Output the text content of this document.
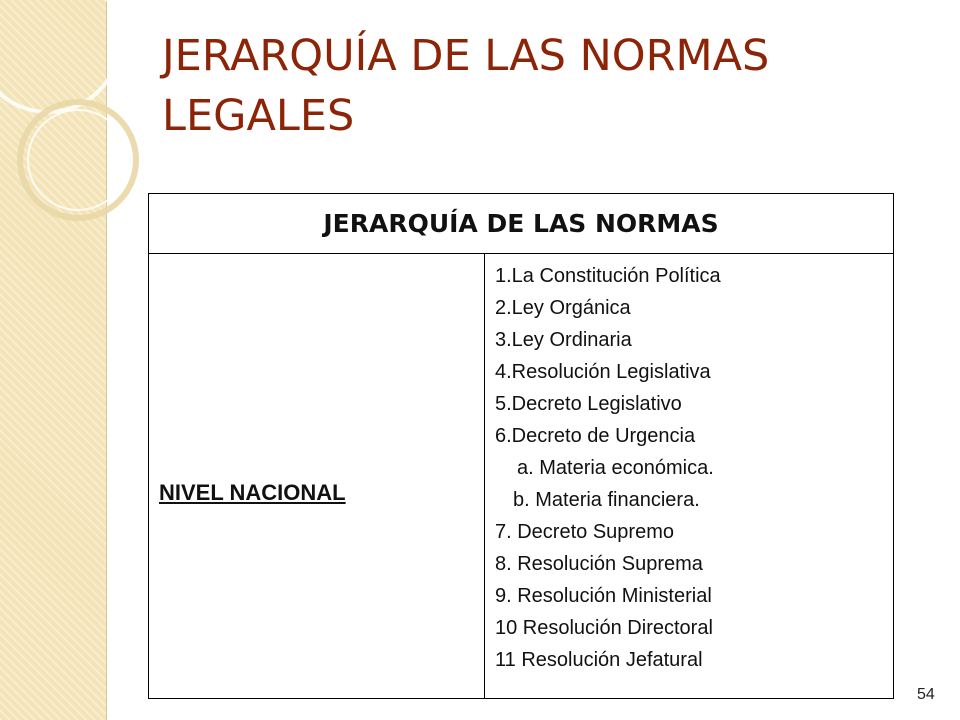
JERARQUÍA DE LAS NORMAS LEGALES
JERARQUÍA DE LAS NORMAS
NIVEL NACIONAL
1.La Constitución Política
2.Ley Orgánica
3.Ley Ordinaria
4.Resolución Legislativa
5.Decreto Legislativo
6.Decreto de Urgencia
a. Materia económica.
b. Materia financiera.
7. Decreto Supremo
8. Resolución Suprema
9. Resolución Ministerial
10 Resolución Directoral
11 Resolución Jefatural
54
